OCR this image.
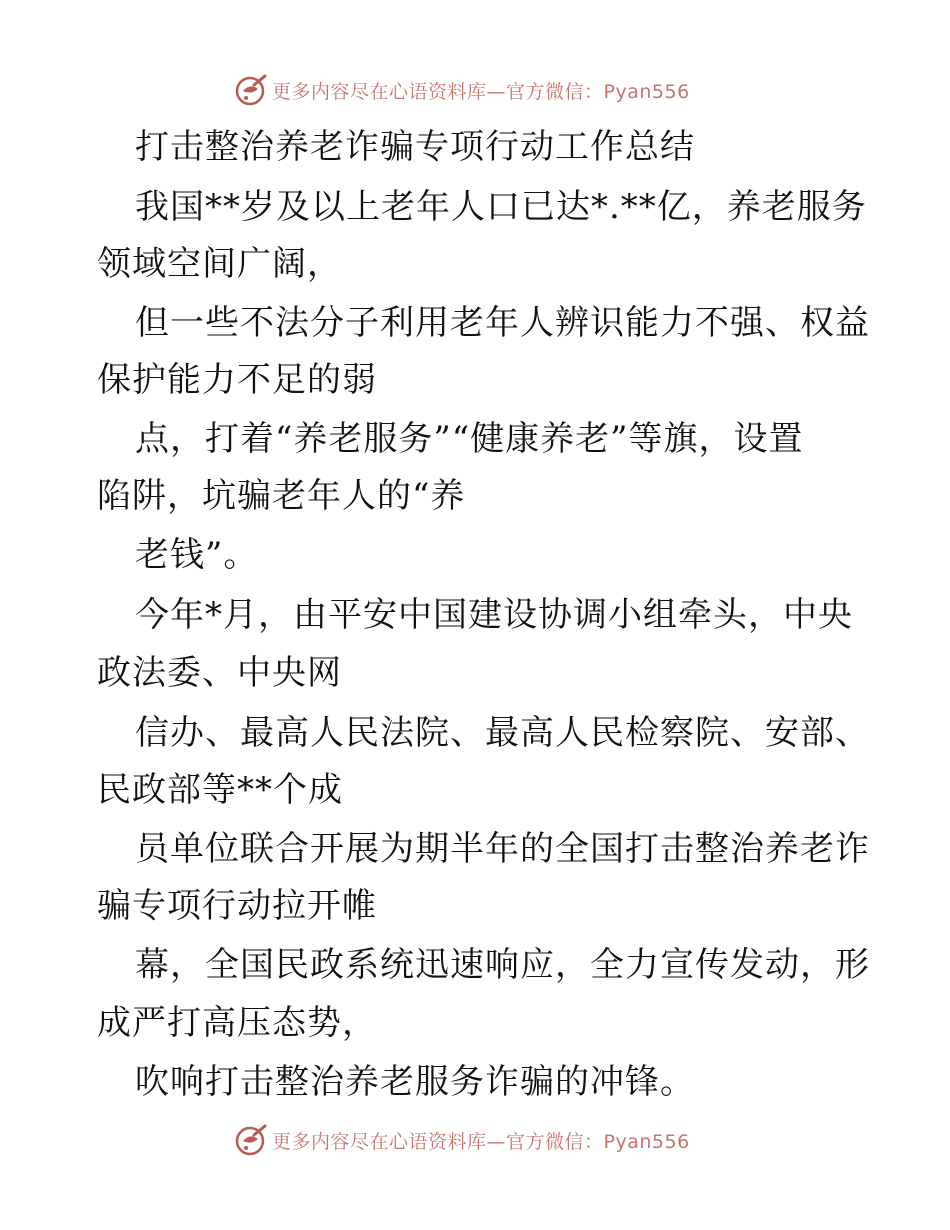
更多内容尽在心语资料库—官方微信：Pyan556
打击整治养老诈骗专项行动工作总结
我国**岁及以上老年人口已达*.**亿，养老服务
领域空间广阔，
但一些不法分子利用老年人辨识能力不强、权益
保护能力不足的弱
点，打着“养老服务”“健康养老”等旗，设置
陷阱，坑骗老年人的“养
老钱”。
今年*月，由平安中国建设协调小组牵头，中央
政法委、中央网
信办、最高人民法院、最高人民检察院、安部、
民政部等**个成
员单位联合开展为期半年的全国打击整治养老诈
骗专项行动拉开帷
幕，全国民政系统迅速响应，全力宣传发动，形
成严打高压态势，
吹响打击整治养老服务诈骗的冲锋。
更多内容尽在心语资料库—官方微信：Pyan556
